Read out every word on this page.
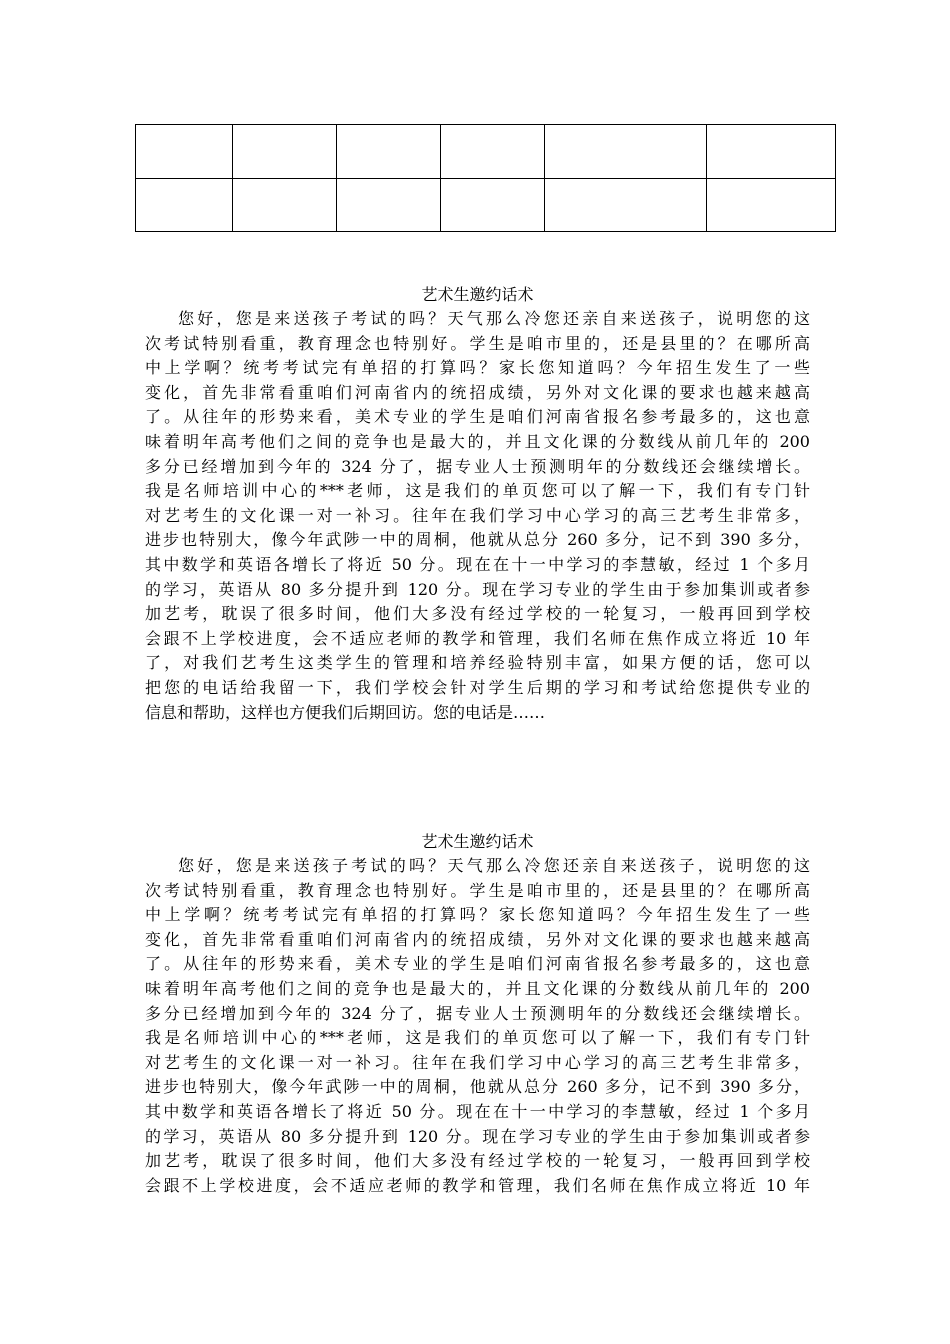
艺术生邀约话术
您好，您是来送孩子考试的吗？天气那么冷您还亲自来送孩子，说明您的这
次考试特别看重，教育理念也特别好。学生是咱市里的，还是县里的？在哪所高
中上学啊？统考考试完有单招的打算吗？家长您知道吗？今年招生发生了一些
变化，首先非常看重咱们河南省内的统招成绩，另外对文化课的要求也越来越高
了。从往年的形势来看，美术专业的学生是咱们河南省报名参考最多的，这也意
味着明年高考他们之间的竞争也是最大的，并且文化课的分数线从前几年的 200
多分已经增加到今年的 324 分了，据专业人士预测明年的分数线还会继续增长。
我是名师培训中心的***老师，这是我们的单页您可以了解一下，我们有专门针
对艺考生的文化课一对一补习。往年在我们学习中心学习的高三艺考生非常多，
进步也特别大，像今年武陟一中的周桐，他就从总分 260 多分，记不到 390 多分，
其中数学和英语各增长了将近 50 分。现在在十一中学习的李慧敏，经过 1 个多月
的学习，英语从 80 多分提升到 120 分。现在学习专业的学生由于参加集训或者参
加艺考，耽误了很多时间，他们大多没有经过学校的一轮复习，一般再回到学校
会跟不上学校进度，会不适应老师的教学和管理，我们名师在焦作成立将近 10 年
了，对我们艺考生这类学生的管理和培养经验特别丰富，如果方便的话，您可以
把您的电话给我留一下，我们学校会针对学生后期的学习和考试给您提供专业的
信息和帮助，这样也方便我们后期回访。您的电话是……
艺术生邀约话术
您好，您是来送孩子考试的吗？天气那么冷您还亲自来送孩子，说明您的这
次考试特别看重，教育理念也特别好。学生是咱市里的，还是县里的？在哪所高
中上学啊？统考考试完有单招的打算吗？家长您知道吗？今年招生发生了一些
变化，首先非常看重咱们河南省内的统招成绩，另外对文化课的要求也越来越高
了。从往年的形势来看，美术专业的学生是咱们河南省报名参考最多的，这也意
味着明年高考他们之间的竞争也是最大的，并且文化课的分数线从前几年的 200
多分已经增加到今年的 324 分了，据专业人士预测明年的分数线还会继续增长。
我是名师培训中心的***老师，这是我们的单页您可以了解一下，我们有专门针
对艺考生的文化课一对一补习。往年在我们学习中心学习的高三艺考生非常多，
进步也特别大，像今年武陟一中的周桐，他就从总分 260 多分，记不到 390 多分，
其中数学和英语各增长了将近 50 分。现在在十一中学习的李慧敏，经过 1 个多月
的学习，英语从 80 多分提升到 120 分。现在学习专业的学生由于参加集训或者参
加艺考，耽误了很多时间，他们大多没有经过学校的一轮复习，一般再回到学校
会跟不上学校进度，会不适应老师的教学和管理，我们名师在焦作成立将近 10 年
